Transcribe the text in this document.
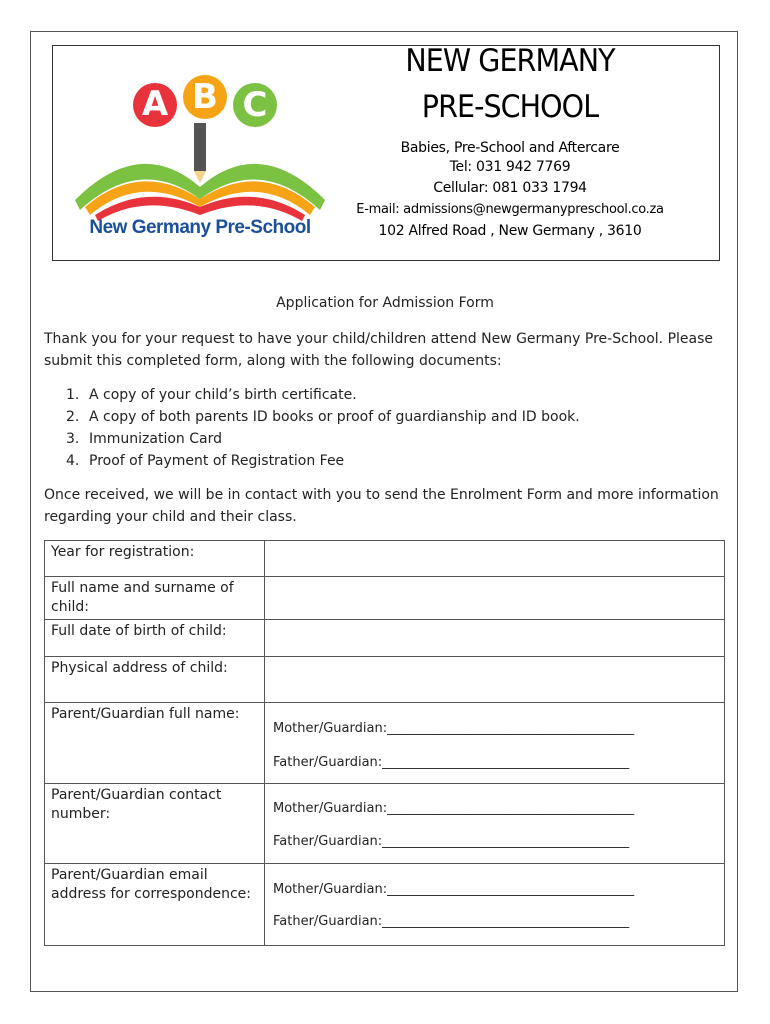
A B C
New Germany Pre-School
NEW GERMANY
PRE-SCHOOL
Babies, Pre-School and Aftercare
Tel: 031 942 7769
Cellular: 081 033 1794
E-mail: admissions@newgermanypreschool.co.za
102 Alfred Road , New Germany , 3610
Application for Admission Form
Thank you for your request to have your child/children attend New Germany Pre-School. Please submit this completed form, along with the following documents:
1. A copy of your child’s birth certificate.
2. A copy of both parents ID books or proof of guardianship and ID book.
3. Immunization Card
4. Proof of Payment of Registration Fee
Once received, we will be in contact with you to send the Enrolment Form and more information regarding your child and their class.
Year for registration:	
Full name and surname of child:	
Full date of birth of child:	
Physical address of child:	
Parent/Guardian full name:	Mother/Guardian:______________________________________
Father/Guardian:______________________________________

Parent/Guardian contact number:	Mother/Guardian:______________________________________
Father/Guardian:______________________________________

Parent/Guardian email address for correspondence:	Mother/Guardian:______________________________________
Father/Guardian:______________________________________
